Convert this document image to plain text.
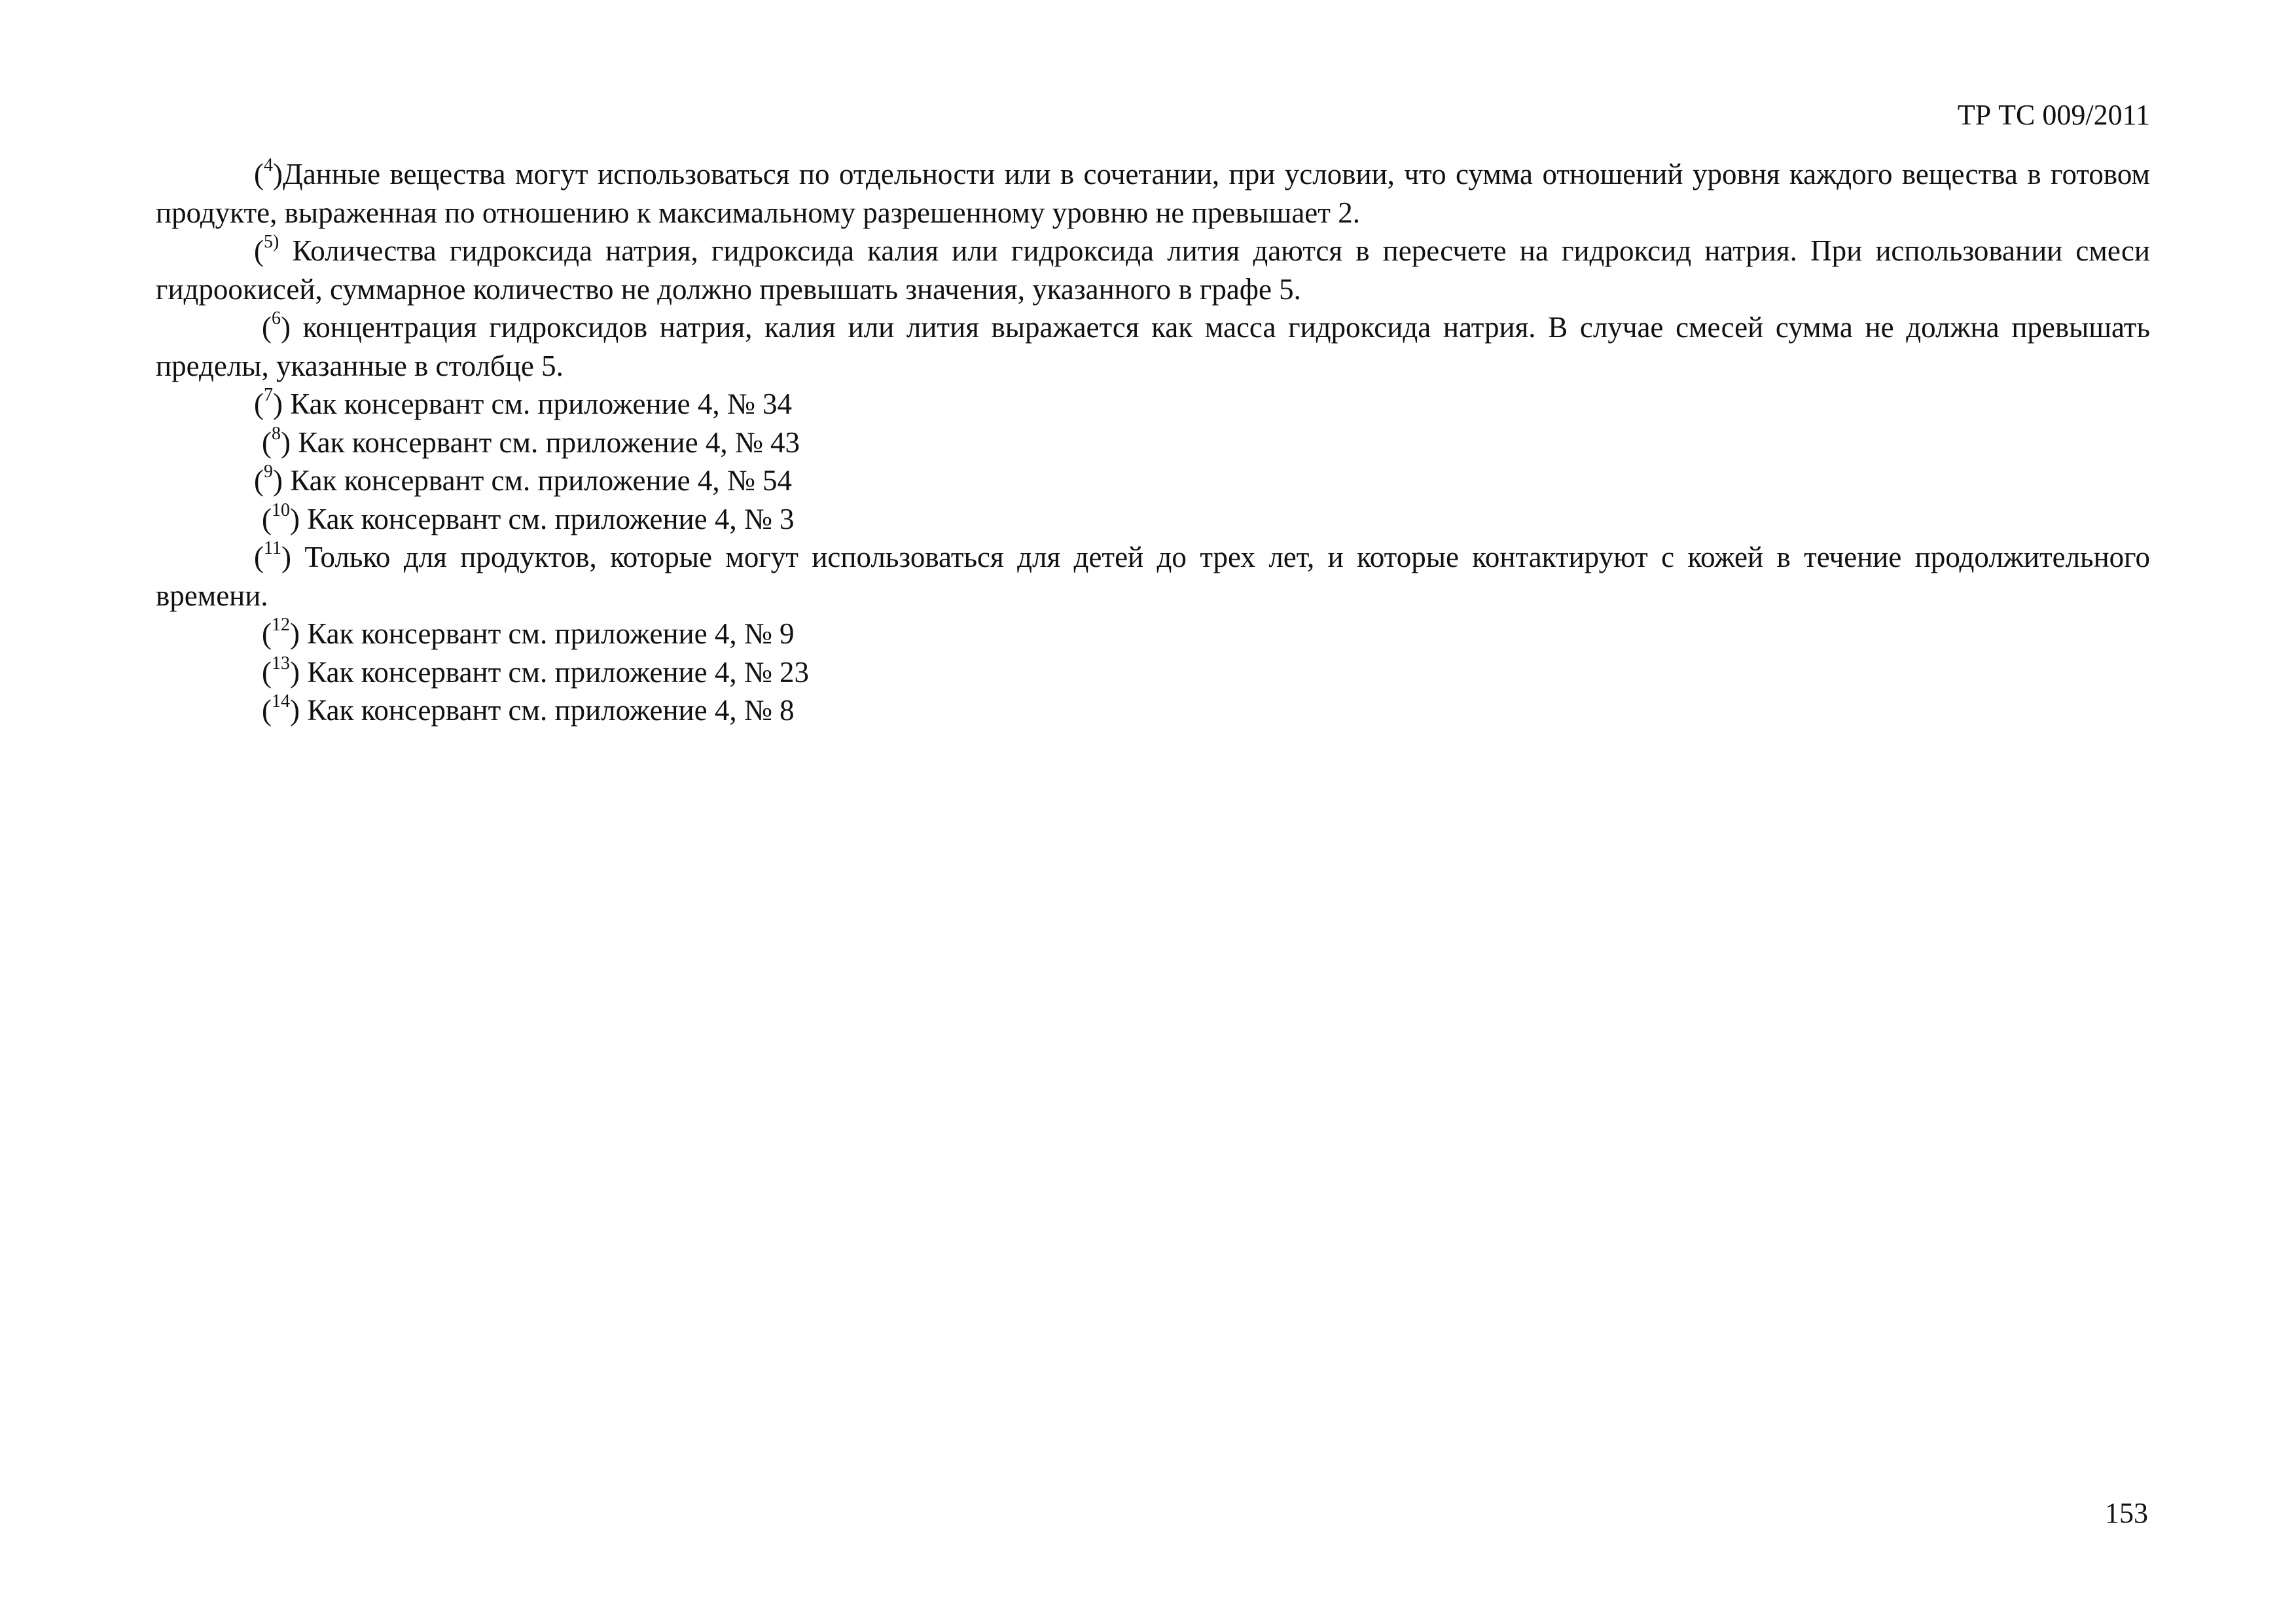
ТР ТС 009/2011

($^4$)Данные вещества могут использоваться по отдельности или в сочетании, при условии, что сумма отношений уровня каждого вещества в готовом продукте, выраженная по отношению к максимальному разрешенному уровню не превышает 2.

($^{5)}$ Количества гидроксида натрия, гидроксида калия или гидроксида лития даются в пересчете на гидроксид натрия. При использовании смеси гидроокисей, суммарное количество не должно превышать значения, указанного в графе 5.

($^6$) концентрация гидроксидов натрия, калия или лития выражается как масса гидроксида натрия. В случае смесей сумма не должна превышать пределы, указанные в столбце 5.

($^7$) Как консервант см. приложение 4, № 34

($^8$) Как консервант см. приложение 4, № 43

($^9$) Как консервант см. приложение 4, № 54

($^{10}$) Как консервант см. приложение 4, № 3

($^{11}$) Только для продуктов, которые могут использоваться для детей до трех лет, и которые контактируют с кожей в течение продолжительного времени.

($^{12}$) Как консервант см. приложение 4, № 9

($^{13}$) Как консервант см. приложение 4, № 23

($^{14}$) Как консервант см. приложение 4, № 8

153
